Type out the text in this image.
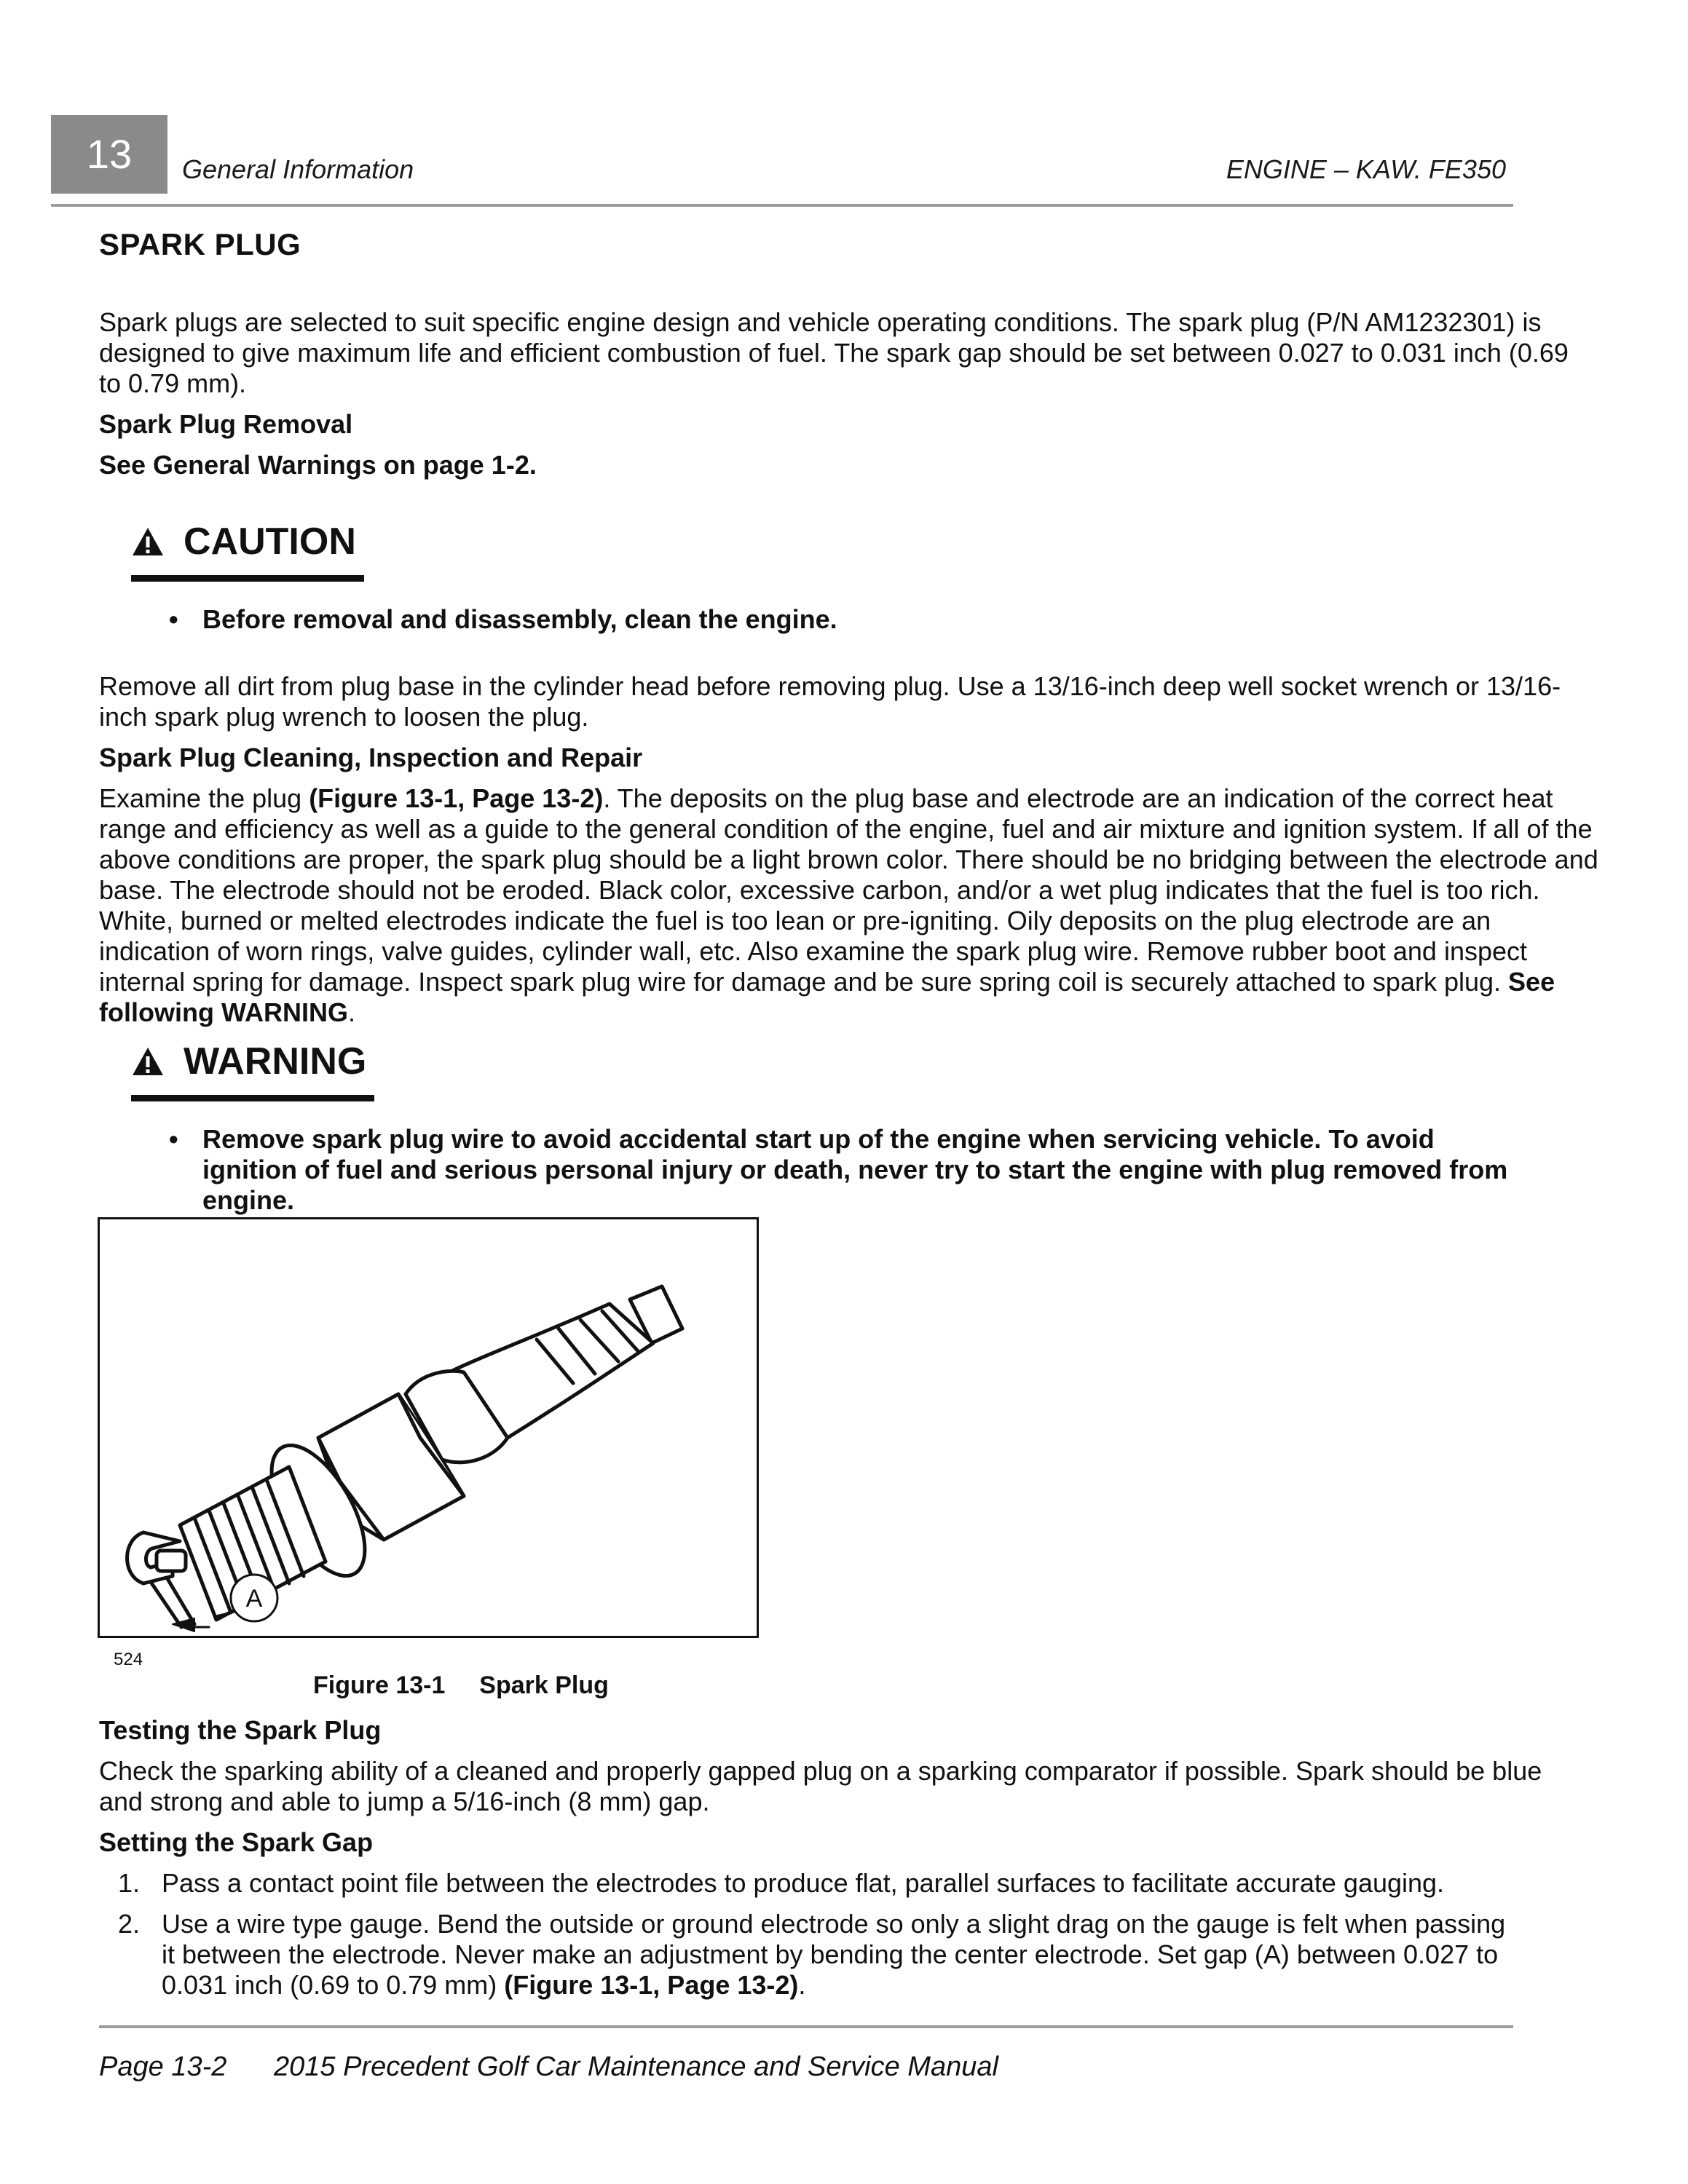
13	General Information	ENGINE – KAW. FE350
SPARK PLUG
Spark plugs are selected to suit specific engine design and vehicle operating conditions. The spark plug (P/N AM1232301) is designed to give maximum life and efficient combustion of fuel. The spark gap should be set between 0.027 to 0.031 inch (0.69 to 0.79 mm).
Spark Plug Removal
See General Warnings on page 1-2.
CAUTION
• Before removal and disassembly, clean the engine.
Remove all dirt from plug base in the cylinder head before removing plug. Use a 13/16-inch deep well socket wrench or 13/16-inch spark plug wrench to loosen the plug.
Spark Plug Cleaning, Inspection and Repair
Examine the plug (Figure 13-1, Page 13-2). The deposits on the plug base and electrode are an indication of the correct heat range and efficiency as well as a guide to the general condition of the engine, fuel and air mixture and ignition system. If all of the above conditions are proper, the spark plug should be a light brown color. There should be no bridging between the electrode and base. The electrode should not be eroded. Black color, excessive carbon, and/or a wet plug indicates that the fuel is too rich. White, burned or melted electrodes indicate the fuel is too lean or pre-igniting. Oily deposits on the plug electrode are an indication of worn rings, valve guides, cylinder wall, etc. Also examine the spark plug wire. Remove rubber boot and inspect internal spring for damage. Inspect spark plug wire for damage and be sure spring coil is securely attached to spark plug. See following WARNING.
WARNING
• Remove spark plug wire to avoid accidental start up of the engine when servicing vehicle. To avoid ignition of fuel and serious personal injury or death, never try to start the engine with plug removed from engine.
A
524
Figure 13-1 Spark Plug
Testing the Spark Plug
Check the sparking ability of a cleaned and properly gapped plug on a sparking comparator if possible. Spark should be blue and strong and able to jump a 5/16-inch (8 mm) gap.
Setting the Spark Gap
1. Pass a contact point file between the electrodes to produce flat, parallel surfaces to facilitate accurate gauging.
2. Use a wire type gauge. Bend the outside or ground electrode so only a slight drag on the gauge is felt when passing it between the electrode. Never make an adjustment by bending the center electrode. Set gap (A) between 0.027 to 0.031 inch (0.69 to 0.79 mm) (Figure 13-1, Page 13-2).
Page 13-2 2015 Precedent Golf Car Maintenance and Service Manual
